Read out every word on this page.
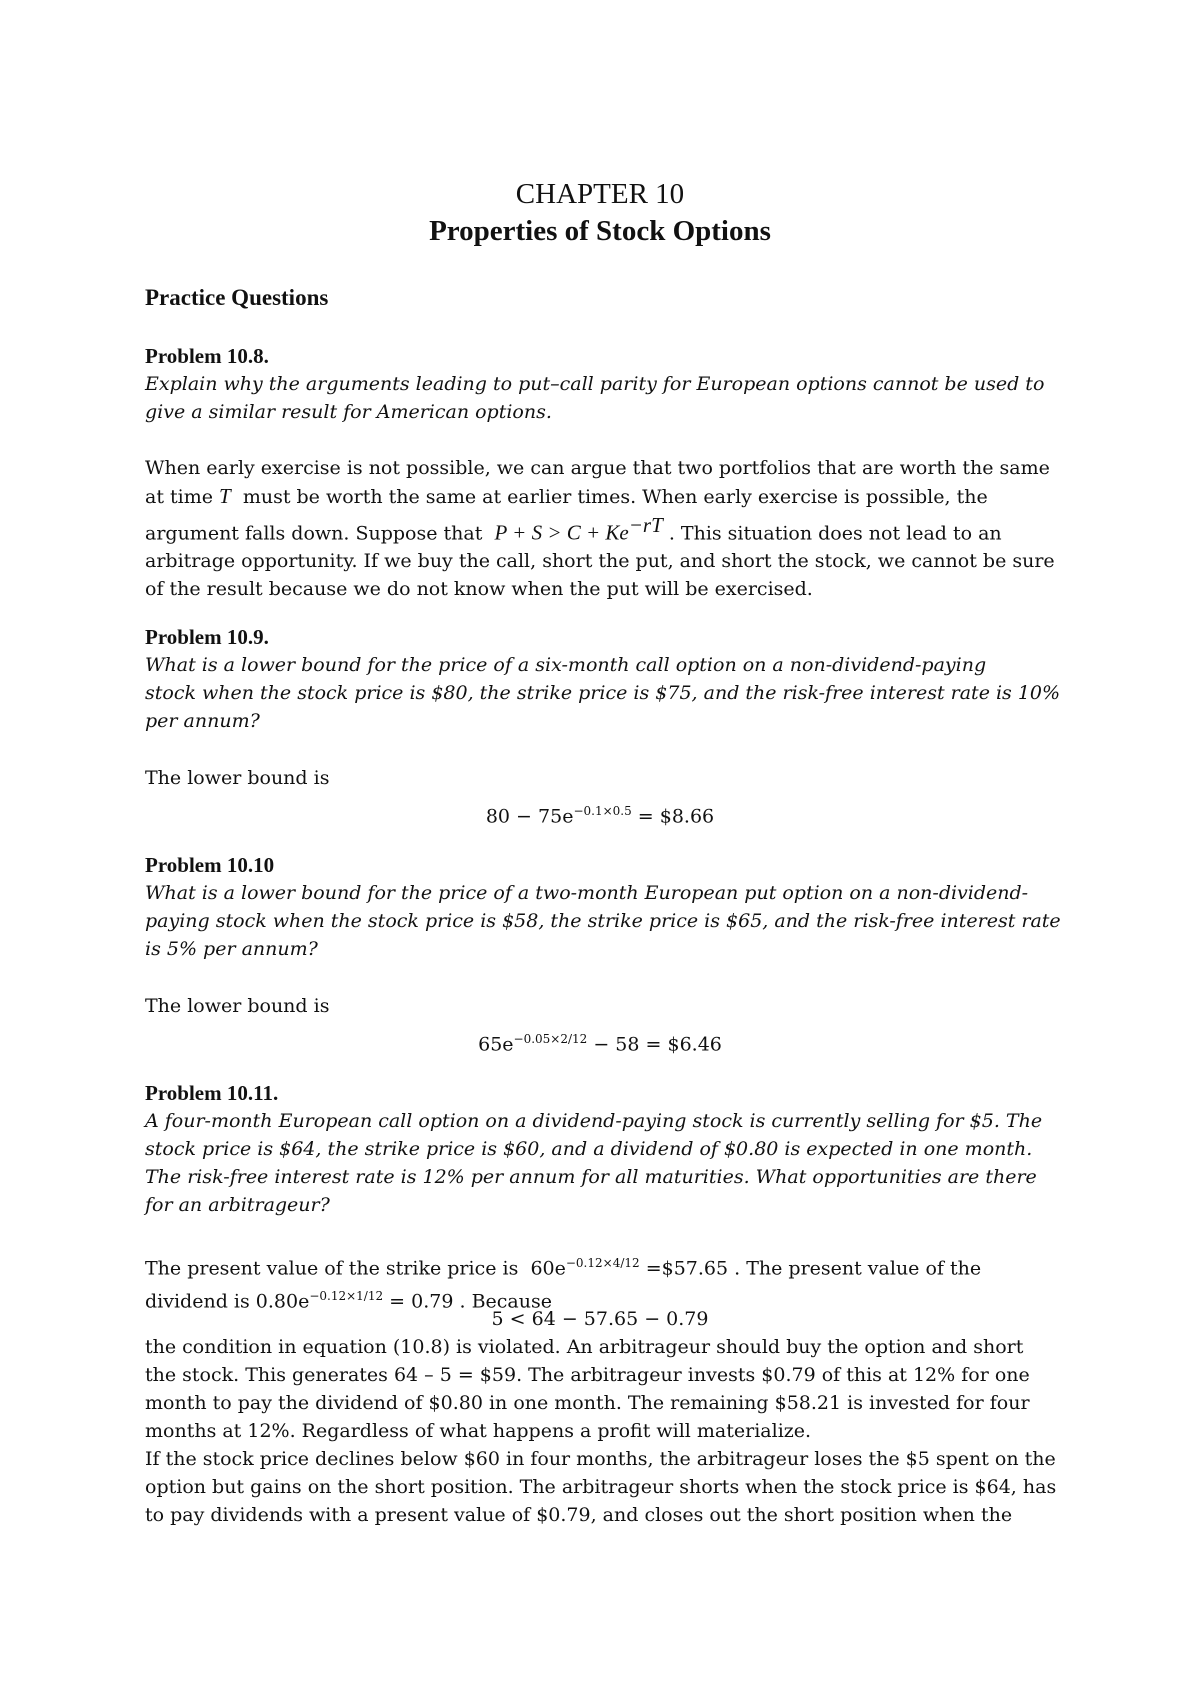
CHAPTER 10
Properties of Stock Options

Practice Questions

Problem 10.8.

Explain why the arguments leading to put–call parity for European options cannot be used to

give a similar result for American options.

When early exercise is not possible, we can argue that two portfolios that are worth the same

at time T must be worth the same at earlier times. When early exercise is possible, the

argument falls down. Suppose that $P + S > C + Ke^{-rT}$ . This situation does not lead to an

arbitrage opportunity. If we buy the call, short the put, and short the stock, we cannot be sure

of the result because we do not know when the put will be exercised.

Problem 10.9.

What is a lower bound for the price of a six-month call option on a non-dividend-paying

stock when the stock price is $80, the strike price is $75, and the risk-free interest rate is 10%

per annum?

The lower bound is

$80 - 75e^{-0.1\times 0.5}$ = $8.66

Problem 10.10

What is a lower bound for the price of a two-month European put option on a non-dividend-

paying stock when the stock price is $58, the strike price is $65, and the risk-free interest rate

is 5% per annum?

The lower bound is

$65e^{-0.05\times 2/12} - 58$ = $6.46

Problem 10.11.

A four-month European call option on a dividend-paying stock is currently selling for $5. The

stock price is $64, the strike price is $60, and a dividend of $0.80 is expected in one month.

The risk-free interest rate is 12% per annum for all maturities. What opportunities are there

for an arbitrageur?

The present value of the strike price is $60e^{-0.12\times 4/12}$ =$57.65 . The present value of the

dividend is $0.80e^{-0.12\times 1/12} = 0.79$ . Because

5 < 64 − 57.65 − 0.79

the condition in equation (10.8) is violated. An arbitrageur should buy the option and short

the stock. This generates 64 – 5 = $59. The arbitrageur invests $0.79 of this at 12% for one

month to pay the dividend of $0.80 in one month. The remaining $58.21 is invested for four

months at 12%. Regardless of what happens a profit will materialize.

If the stock price declines below $60 in four months, the arbitrageur loses the $5 spent on the

option but gains on the short position. The arbitrageur shorts when the stock price is $64, has

to pay dividends with a present value of $0.79, and closes out the short position when the
